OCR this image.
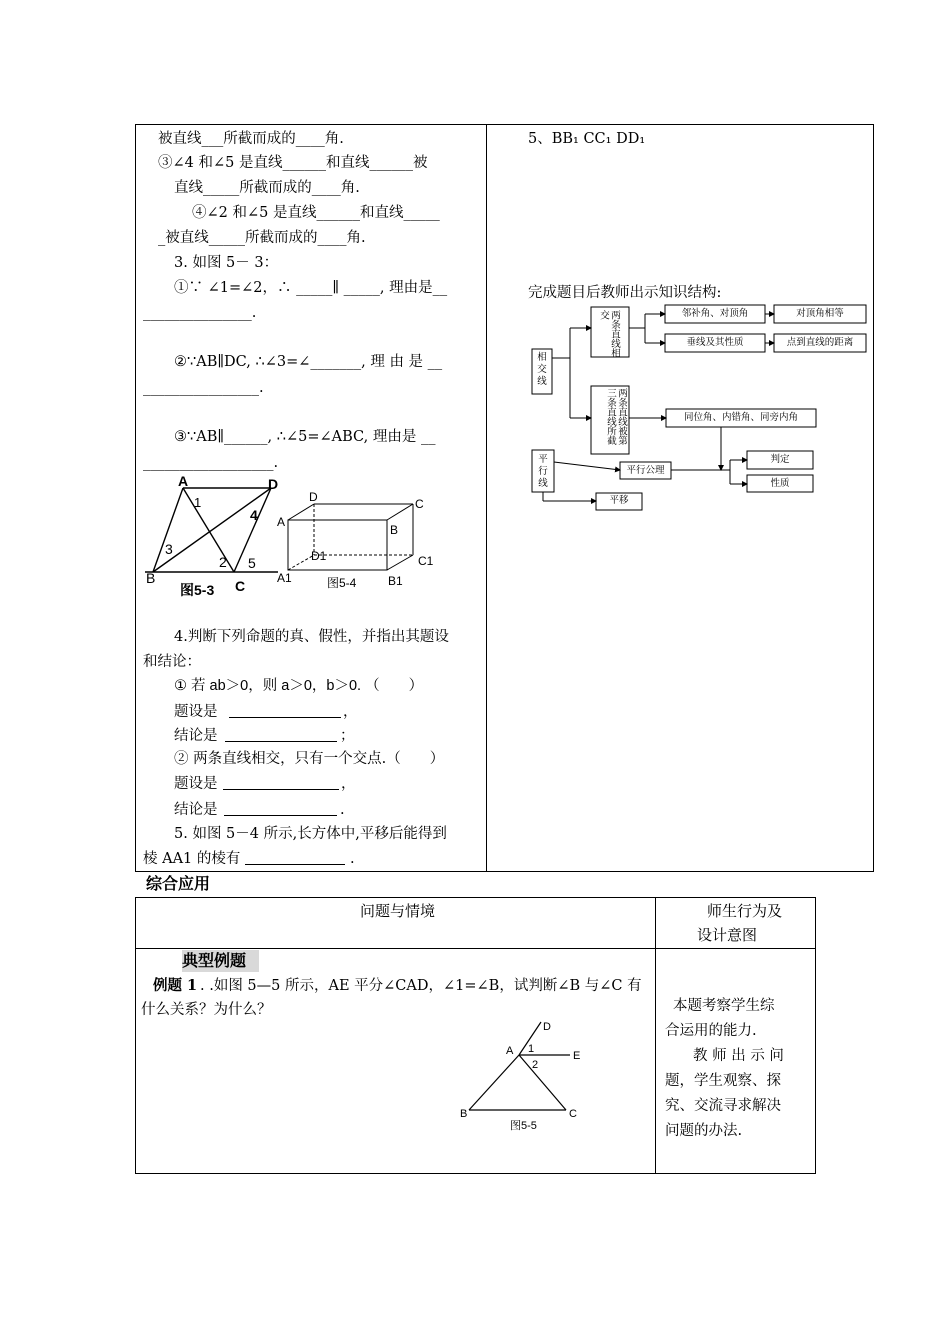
被直线___所截而成的____角.
③∠4 和∠5 是直线______和直线______被
直线_____所截而成的____角.
④∠2 和∠5 是直线______和直线_____
_被直线_____所截而成的____角.
3. 如图 5－ 3：
①∵ ∠1=∠2，∴ _____∥ _____, 理由是__
_______________.
②∵AB∥DC, ∴∠3=∠_______, 理 由 是 __
________________.
③∵AB∥______, ∴∠5=∠ABC, 理由是 __
__________________.
A	D
1
4
3
2 5
B	C
图5-3
D	C
A
B
D1	C1
A1	B1
图5-4
4.判断下列命题的真、假性，并指出其题设
和结论：
① 若 ab＞0，则 a＞0，b＞0. （　　）
题设是	，
结论是	；
② 两条直线相交，只有一个交点.（　　）
题设是	，
结论是	.
5. 如图 5－4 所示,长方体中,平移后能得到
棱 AA1 的棱有	.
5、BB₁ CC₁ DD₁
完成题目后教师出示知识结构:
相交线
两条直线相交
两条直线被第三条直线所截
平行线
邻补角、对顶角	对顶角相等
垂线及其性质	点到直线的距离
同位角、内错角、同旁内角
判定
平行公理
性质
平移
综合应用
问题与情境	师生行为及
设计意图
典型例题
例题 1 . .如图 5—5 所示，AE 平分∠CAD，∠1=∠B，试判断∠B 与∠C 有
什么关系？为什么？
D
A 1
E
2
B	C
图5-5
本题考察学生综
合运用的能力.
教 师 出 示 问
题，学生观察、探
究、交流寻求解决
问题的办法.
